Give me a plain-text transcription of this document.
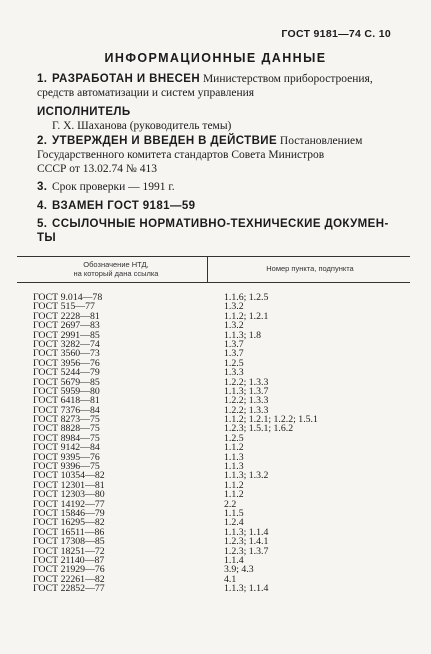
ГОСТ 9181—74 С. 10
ИНФОРМАЦИОННЫЕ ДАННЫЕ
1. РАЗРАБОТАН И ВНЕСЕН Министерством приборостроения,
средств автоматизации и систем управления
ИСПОЛНИТЕЛЬ
Г. Х. Шаханова (руководитель темы)
2. УТВЕРЖДЕН И ВВЕДЕН В ДЕЙСТВИЕ Постановлением
Государственного комитета стандартов Совета Министров
СССР от 13.02.74 № 413
3. Срок проверки — 1991 г.
4. ВЗАМЕН ГОСТ 9181—59
5. ССЫЛОЧНЫЕ НОРМАТИВНО-ТЕХНИЧЕСКИЕ ДОКУМЕН-
ТЫ
Обозначение НТД,
на который дана ссылка
Номер пункта, подпункта
ГОСТ 9.014—78	1.1.6; 1.2.5
ГОСТ 515—77	1.3.2
ГОСТ 2228—81	1.1.2; 1.2.1
ГОСТ 2697—83	1.3.2
ГОСТ 2991—85	1.1.3; 1.8
ГОСТ 3282—74	1.3.7
ГОСТ 3560—73	1.3.7
ГОСТ 3956—76	1.2.5
ГОСТ 5244—79	1.3.3
ГОСТ 5679—85	1.2.2; 1.3.3
ГОСТ 5959—80	1.1.3; 1.3.7
ГОСТ 6418—81	1.2.2; 1.3.3
ГОСТ 7376—84	1.2.2; 1.3.3
ГОСТ 8273—75	1.1.2; 1.2.1; 1.2.2; 1.5.1
ГОСТ 8828—75	1.2.3; 1.5.1; 1.6.2
ГОСТ 8984—75	1.2.5
ГОСТ 9142—84	1.1.2
ГОСТ 9395—76	1.1.3
ГОСТ 9396—75	1.1.3
ГОСТ 10354—82	1.1.3; 1.3.2
ГОСТ 12301—81	1.1.2
ГОСТ 12303—80	1.1.2
ГОСТ 14192—77	2.2
ГОСТ 15846—79	1.1.5
ГОСТ 16295—82	1.2.4
ГОСТ 16511—86	1.1.3; 1.1.4
ГОСТ 17308—85	1.2.3; 1.4.1
ГОСТ 18251—72	1.2.3; 1.3.7
ГОСТ 21140—87	1.1.4
ГОСТ 21929—76	3.9; 4.3
ГОСТ 22261—82	4.1
ГОСТ 22852—77	1.1.3; 1.1.4
